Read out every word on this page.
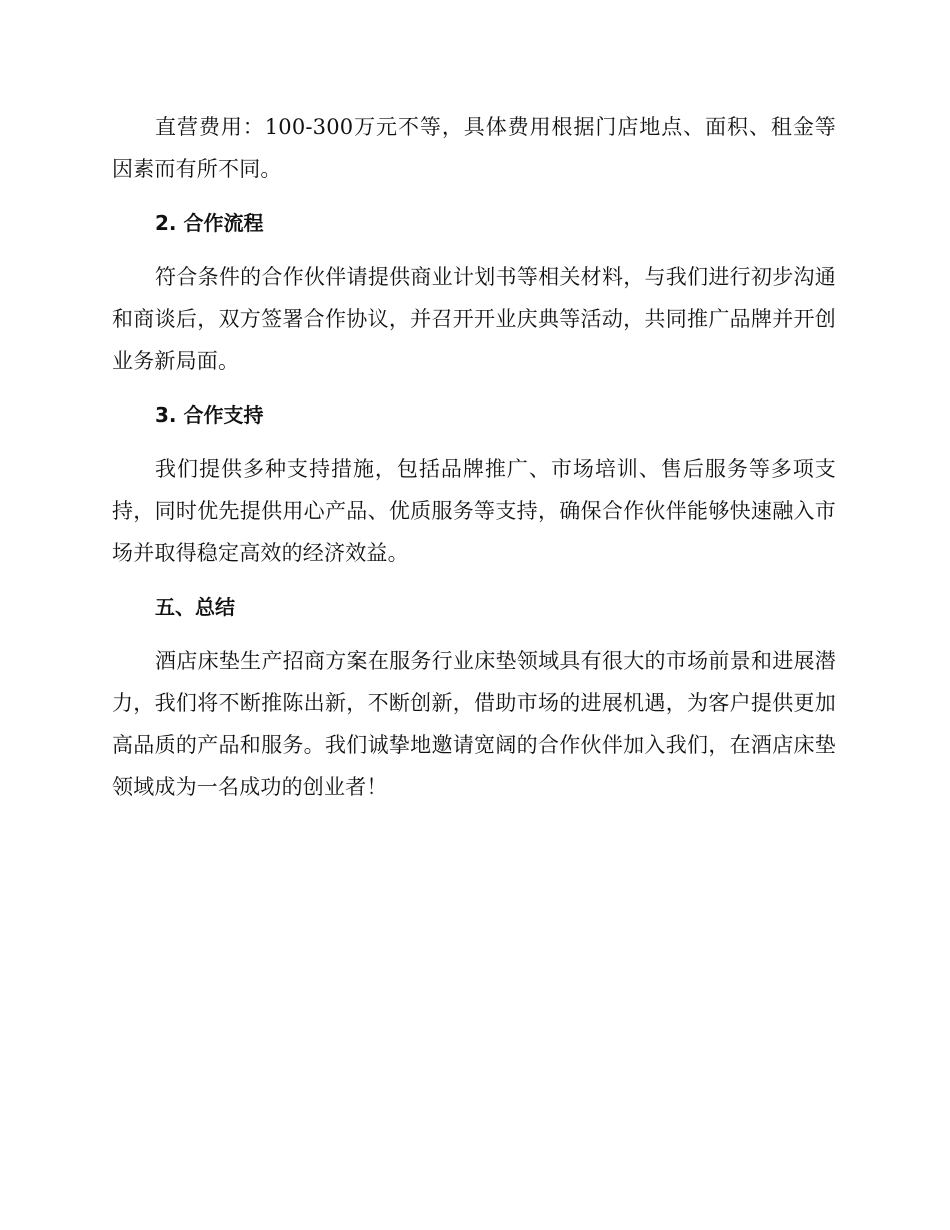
直营费用：100-300万元不等，具体费用根据门店地点、面积、租金等因素而有所不同。

2. 合作流程

符合条件的合作伙伴请提供商业计划书等相关材料，与我们进行初步沟通和商谈后，双方签署合作协议，并召开开业庆典等活动，共同推广品牌并开创业务新局面。

3. 合作支持

我们提供多种支持措施，包括品牌推广、市场培训、售后服务等多项支持，同时优先提供用心产品、优质服务等支持，确保合作伙伴能够快速融入市场并取得稳定高效的经济效益。

五、总结

酒店床垫生产招商方案在服务行业床垫领域具有很大的市场前景和进展潜力，我们将不断推陈出新，不断创新，借助市场的进展机遇，为客户提供更加高品质的产品和服务。我们诚挚地邀请宽阔的合作伙伴加入我们，在酒店床垫领域成为一名成功的创业者！
